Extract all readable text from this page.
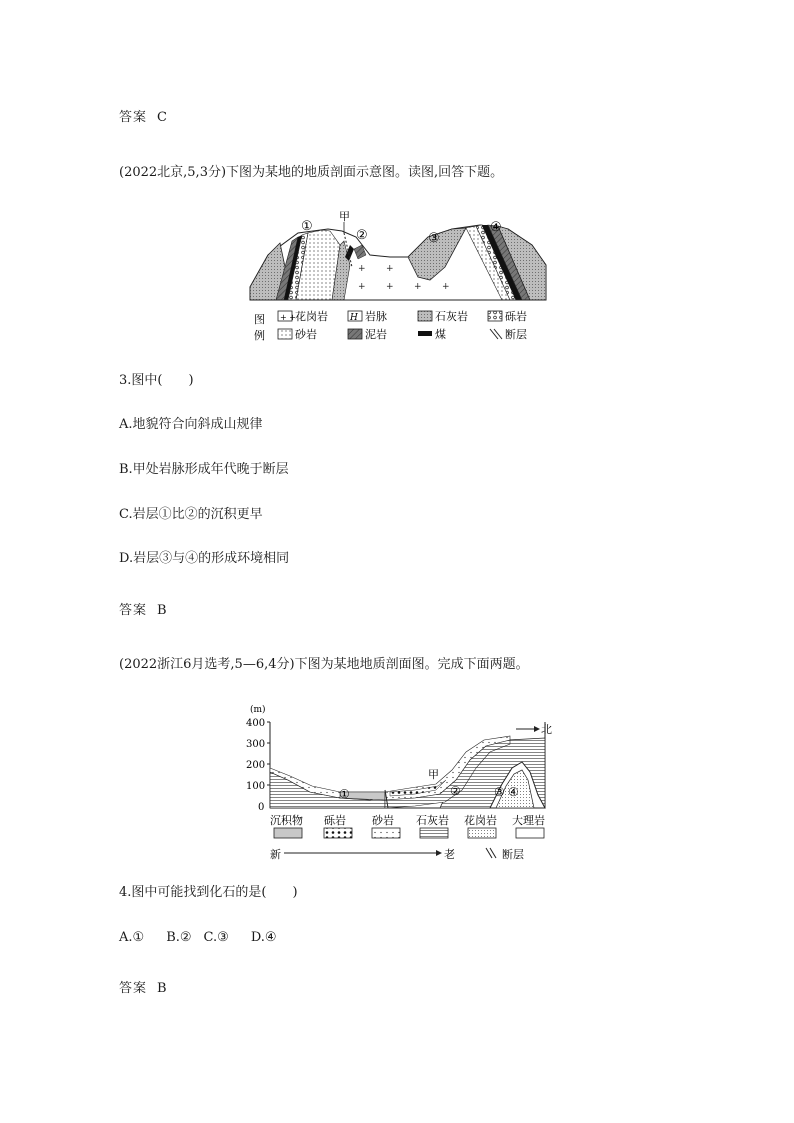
答案 C
(2022北京,5,3分)下图为某地的地质剖面示意图。读图,回答下题。
①
甲
②	③
④
图
例
+ + 花岗岩 H 岩脉	石灰岩	砾岩
砂岩	泥岩	煤	断层
3.图中(　　)
A.地貌符合向斜成山规律
B.甲处岩脉形成年代晚于断层
C.岩层①比②的沉积更早
D.岩层③与④的形成环境相同
答案 B
(2022浙江6月选考,5—6,4分)下图为某地地质剖面图。完成下面两题。
(m)
400
300
200
100
0
北
①
甲
②	③ ④
沉积物 砾岩 砂岩 石灰岩 花岗岩 大理岩
新	老	断层
4.图中可能找到化石的是(　　)
A.① B.② C.③ D.④
答案 B
